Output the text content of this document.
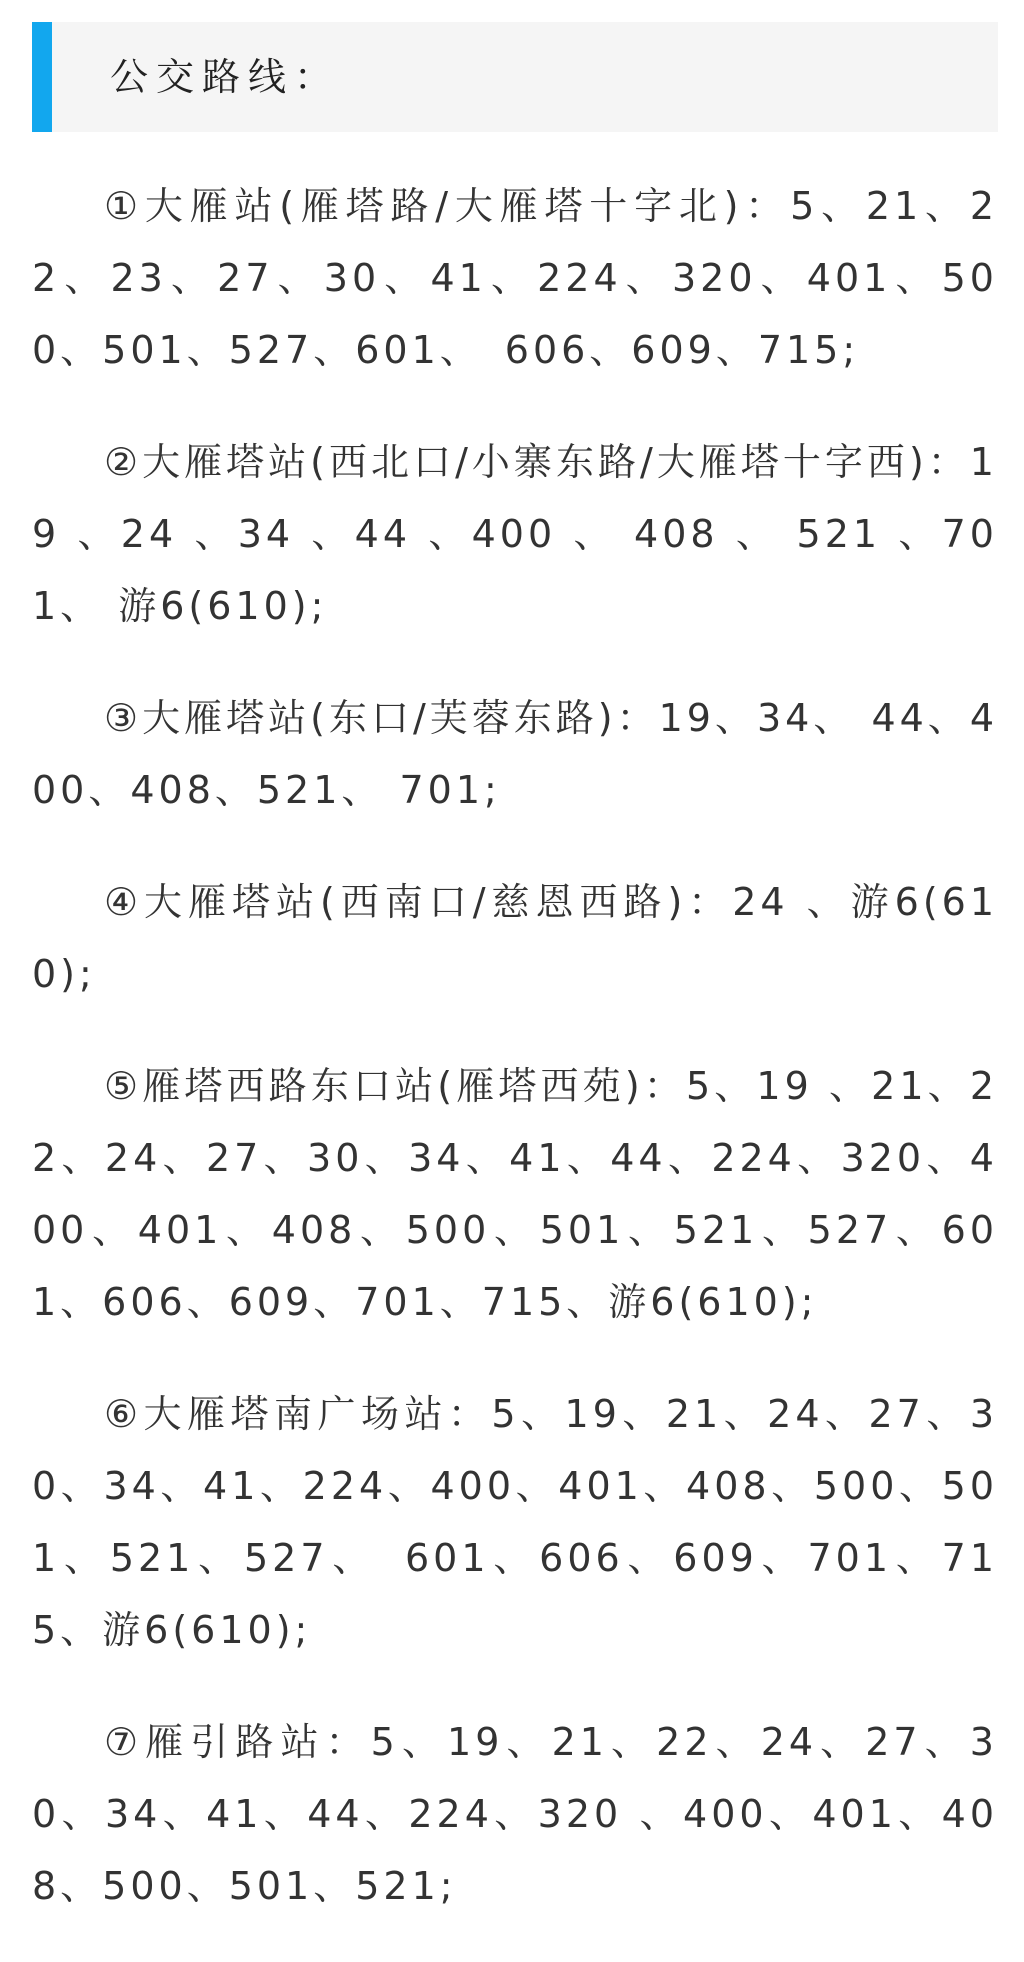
公交路线：

①大雁站(雁塔路/大雁塔十字北)：5、21、22、23、27、30、41、224、320、401、500、501、527、601、　606、609、715;

②大雁塔站(西北口/小寨东路/大雁塔十字西)：19 、24 、34 、44 、400 、 408 、 521 、701、 游6(610);

③大雁塔站(东口/芙蓉东路)：19、34、 44、400、408、521、 701;

④大雁塔站(西南口/慈恩西路)：24 、游6(610);

⑤雁塔西路东口站(雁塔西苑)：5、19 、21、22、24、27、30、34、41、44、224、320、400、401、408、500、501、521、527、601、606、609、701、715、游6(610);

⑥大雁塔南广场站：5、19、21、24、27、30、34、41、224、400、401、408、500、501、521、527、　601、606、609、701、715、游6(610);

⑦雁引路站：5、19、21、22、24、27、30、34、41、44、224、320 、400、401、408、500、501、521;
